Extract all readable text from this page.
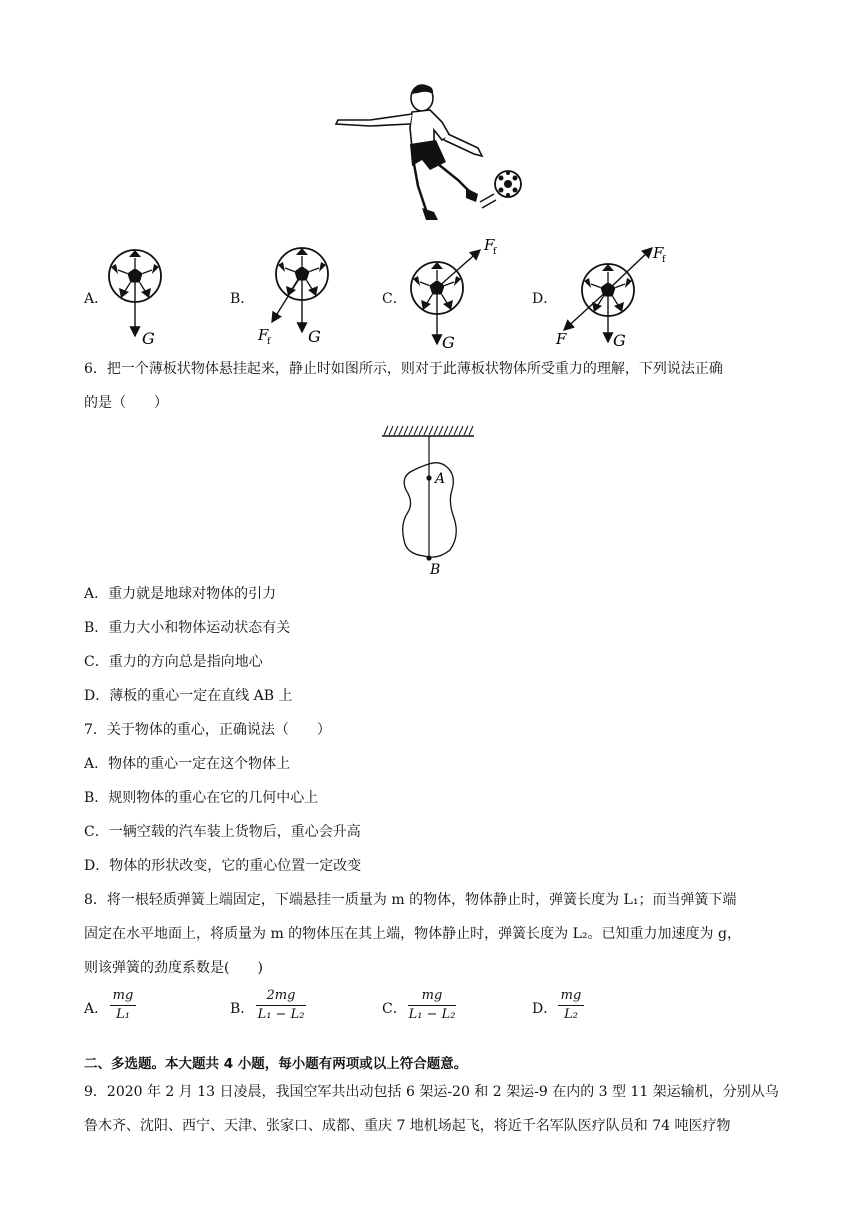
A．	B．	C．	D．
G	G
F
f	G
F
f
G
F
F
f
6．把一个薄板状物体悬挂起来，静止时如图所示，则对于此薄板状物体所受重力的理解，下列说法正确
的是（　　）
A
B
A．重力就是地球对物体的引力
B．重力大小和物体运动状态有关
C．重力的方向总是指向地心
D．薄板的重心一定在直线 AB 上
7．关于物体的重心，正确说法（　　）
A．物体的重心一定在这个物体上
B．规则物体的重心在它的几何中心上
C．一辆空载的汽车装上货物后，重心会升高
D．物体的形状改变，它的重心位置一定改变
8．将一根轻质弹簧上端固定，下端悬挂一质量为 m 的物体，物体静止时，弹簧长度为 L₁；而当弹簧下端
固定在水平地面上，将质量为 m 的物体压在其上端，物体静止时，弹簧长度为 L₂。已知重力加速度为 g，
则该弹簧的劲度系数是(　　)
A．
mg
L₁	B．
2mg
L₁ − L₂	C．
mg
L₁ − L₂	D．
mg
L₂
二、多选题。本大题共 4 小题，每小题有两项或以上符合题意。
9．2020 年 2 月 13 日凌晨，我国空军共出动包括 6 架运-20 和 2 架运-9 在内的 3 型 11 架运输机，分别从乌
鲁木齐、沈阳、西宁、天津、张家口、成都、重庆 7 地机场起飞，将近千名军队医疗队员和 74 吨医疗物
